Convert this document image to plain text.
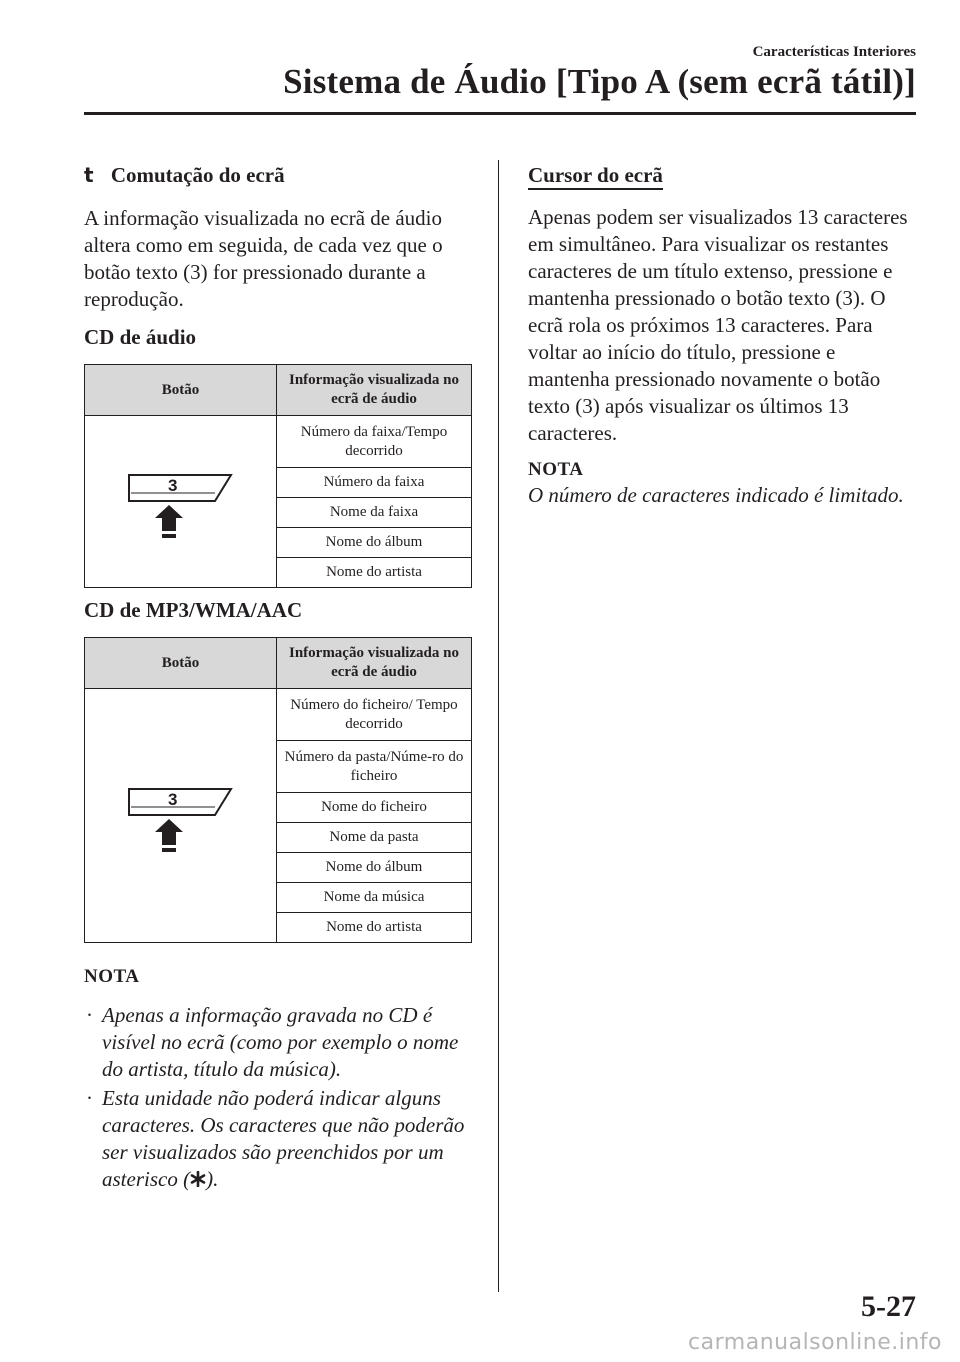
Características Interiores
Sistema de Áudio [Tipo A (sem ecrã tátil)]
t Comutação do ecrã
A informação visualizada no ecrã de áudio altera como em seguida, de cada vez que o botão texto (3) for pressionado durante a reprodução.
CD de áudio
Botão	Informação visualizada no ecrã de áudio

3	Número da faixa/Tempo decorrido
	Número da faixa
	Nome da faixa
	Nome do álbum
	Nome do artista
CD de MP3/WMA/AAC
Botão	Informação visualizada no ecrã de áudio

3	Número do ficheiro/ Tempo decorrido
	Número da pasta/Núme-ro do ficheiro
	Nome do ficheiro
	Nome da pasta
	Nome do álbum
	Nome da música
	Nome do artista
NOTA
· Apenas a informação gravada no CD é visível no ecrã (como por exemplo o nome do artista, título da música).
· Esta unidade não poderá indicar alguns caracteres. Os caracteres que não poderão ser visualizados são preenchidos por um asterisco ( ).
Cursor do ecrã
Apenas podem ser visualizados 13 caracteres em simultâneo. Para visualizar os restantes caracteres de um título extenso, pressione e mantenha pressionado o botão texto (3). O ecrã rola os próximos 13 caracteres. Para voltar ao início do título, pressione e mantenha pressionado novamente o botão texto (3) após visualizar os últimos 13 caracteres.
NOTA
O número de caracteres indicado é limitado.
5-27
carmanualsonline.info
